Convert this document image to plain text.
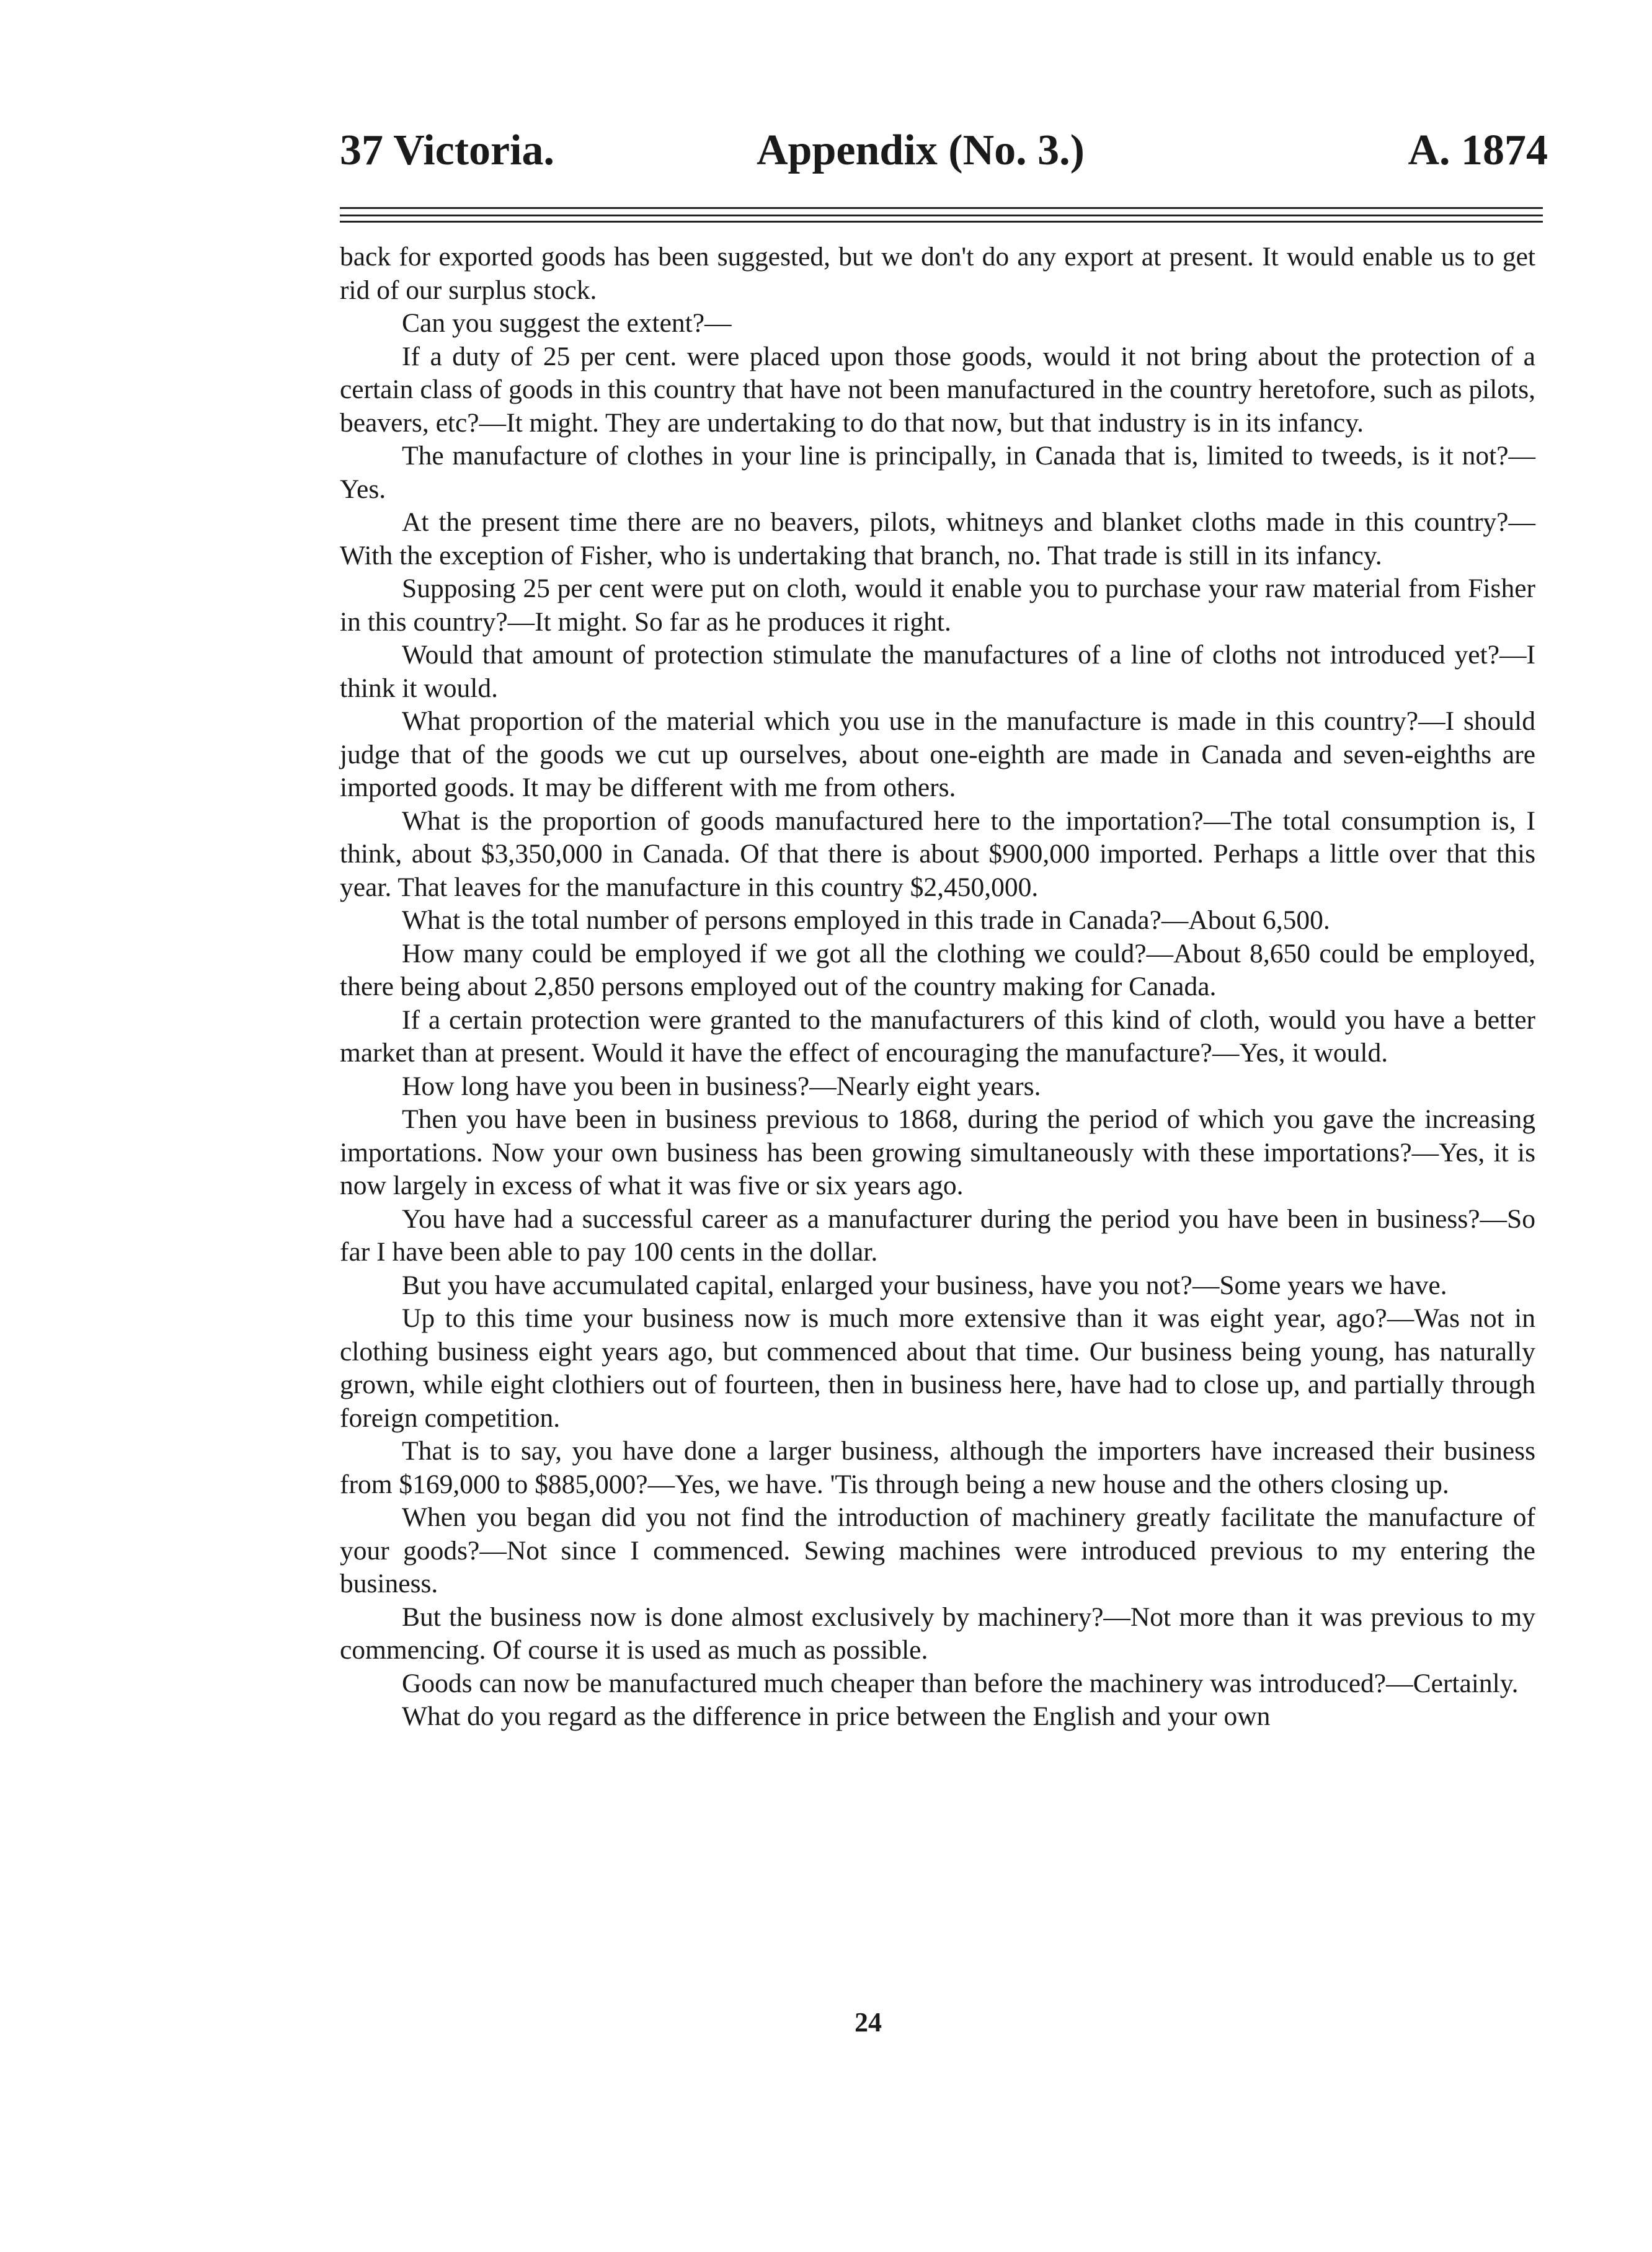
37 Victoria.	Appendix (No. 3.)	A. 1874

back for exported goods has been suggested, but we don't do any export at present. It would enable us to get rid of our surplus stock.

Can you suggest the extent?—

If a duty of 25 per cent. were placed upon those goods, would it not bring about the protection of a certain class of goods in this country that have not been manufactured in the country heretofore, such as pilots, beavers, etc?—It might. They are undertaking to do that now, but that industry is in its infancy.

The manufacture of clothes in your line is principally, in Canada that is, limited to tweeds, is it not?—Yes.

At the present time there are no beavers, pilots, whitneys and blanket cloths made in this country?—With the exception of Fisher, who is undertaking that branch, no. That trade is still in its infancy.

Supposing 25 per cent were put on cloth, would it enable you to purchase your raw material from Fisher in this country?—It might. So far as he produces it right.

Would that amount of protection stimulate the manufactures of a line of cloths not introduced yet?—I think it would.

What proportion of the material which you use in the manufacture is made in this country?—I should judge that of the goods we cut up ourselves, about one-eighth are made in Canada and seven-eighths are imported goods. It may be different with me from others.

What is the proportion of goods manufactured here to the importation?—The total consumption is, I think, about $3,350,000 in Canada. Of that there is about $900,000 imported. Perhaps a little over that this year. That leaves for the manufacture in this country $2,450,000.

What is the total number of persons employed in this trade in Canada?—About 6,500.

How many could be employed if we got all the clothing we could?—About 8,650 could be employed, there being about 2,850 persons employed out of the country making for Canada.

If a certain protection were granted to the manufacturers of this kind of cloth, would you have a better market than at present. Would it have the effect of encouraging the manufacture?—Yes, it would.

How long have you been in business?—Nearly eight years.

Then you have been in business previous to 1868, during the period of which you gave the increasing importations. Now your own business has been growing simultaneously with these importations?—Yes, it is now largely in excess of what it was five or six years ago.

You have had a successful career as a manufacturer during the period you have been in business?—So far I have been able to pay 100 cents in the dollar.

But you have accumulated capital, enlarged your business, have you not?—Some years we have.

Up to this time your business now is much more extensive than it was eight year, ago?—Was not in clothing business eight years ago, but commenced about that time. Our business being young, has naturally grown, while eight clothiers out of fourteen, then in business here, have had to close up, and partially through foreign competition.

That is to say, you have done a larger business, although the importers have increased their business from $169,000 to $885,000?—Yes, we have. 'Tis through being a new house and the others closing up.

When you began did you not find the introduction of machinery greatly facilitate the manufacture of your goods?—Not since I commenced. Sewing machines were introduced previous to my entering the business.

But the business now is done almost exclusively by machinery?—Not more than it was previous to my commencing. Of course it is used as much as possible.

Goods can now be manufactured much cheaper than before the machinery was introduced?—Certainly.

What do you regard as the difference in price between the English and your own

24
